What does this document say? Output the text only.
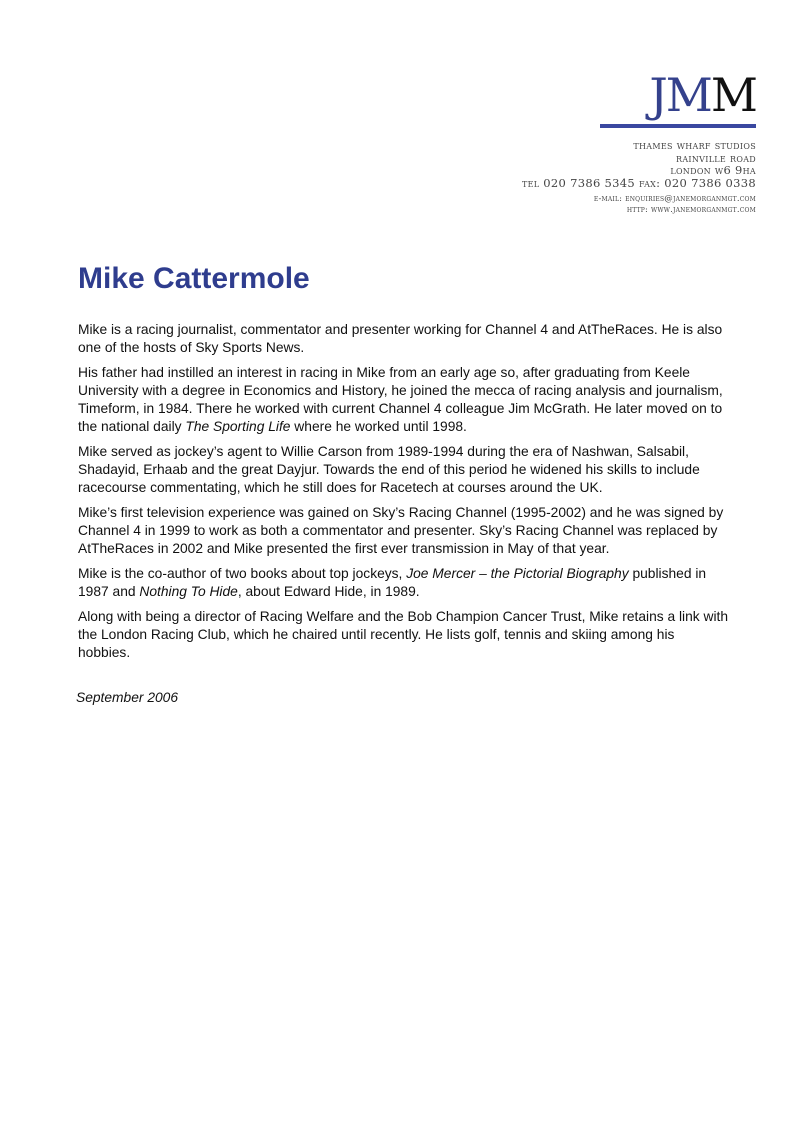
JMM
thames wharf studios
rainville road
london w6 9ha
tel 020 7386 5345 fax: 020 7386 0338
e-mail: enquiries@janemorganmgt.com
http: www.janemorganmgt.com
Mike Cattermole

Mike is a racing journalist, commentator and presenter working for Channel 4 and AtTheRaces. He is also one of the hosts of Sky Sports News.

His father had instilled an interest in racing in Mike from an early age so, after graduating from Keele University with a degree in Economics and History, he joined the mecca of racing analysis and journalism, Timeform, in 1984. There he worked with current Channel 4 colleague Jim McGrath. He later moved on to the national daily The Sporting Life where he worked until 1998.

Mike served as jockey’s agent to Willie Carson from 1989-1994 during the era of Nashwan, Salsabil, Shadayid, Erhaab and the great Dayjur. Towards the end of this period he widened his skills to include racecourse commentating, which he still does for Racetech at courses around the UK.

Mike’s first television experience was gained on Sky’s Racing Channel (1995-2002) and he was signed by Channel 4 in 1999 to work as both a commentator and presenter. Sky’s Racing Channel was replaced by AtTheRaces in 2002 and Mike presented the first ever transmission in May of that year.

Mike is the co-author of two books about top jockeys, Joe Mercer – the Pictorial Biography published in 1987 and Nothing To Hide, about Edward Hide, in 1989.

Along with being a director of Racing Welfare and the Bob Champion Cancer Trust, Mike retains a link with the London Racing Club, which he chaired until recently. He lists golf, tennis and skiing among his hobbies.

September 2006
